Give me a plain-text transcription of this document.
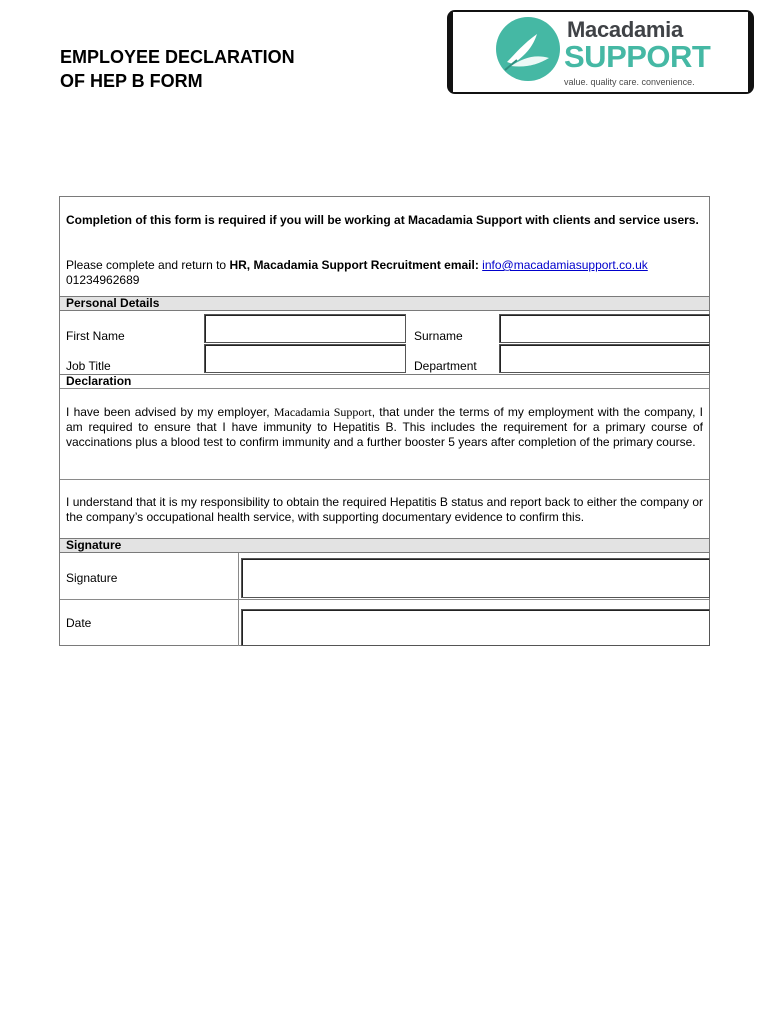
EMPLOYEE DECLARATION
OF HEP B FORM
Macadamia
SUPPORT
value. quality care. convenience.
Completion of this form is required if you will be working at Macadamia Support with clients and service users.
Please complete and return to HR, Macadamia Support Recruitment email: info@macadamiasupport.co.uk
01234962689
Personal Details
First Name	Surname
Job Title	Department
Declaration
I have been advised by my employer, Macadamia Support, that under the terms of my employment with the company, I am required to ensure that I have immunity to Hepatitis B. This includes the requirement for a primary course of vaccinations plus a blood test to confirm immunity and a further booster 5 years after completion of the primary course.
I understand that it is my responsibility to obtain the required Hepatitis B status and report back to either the company or the company’s occupational health service, with supporting documentary evidence to confirm this.
Signature
Signature
Date
